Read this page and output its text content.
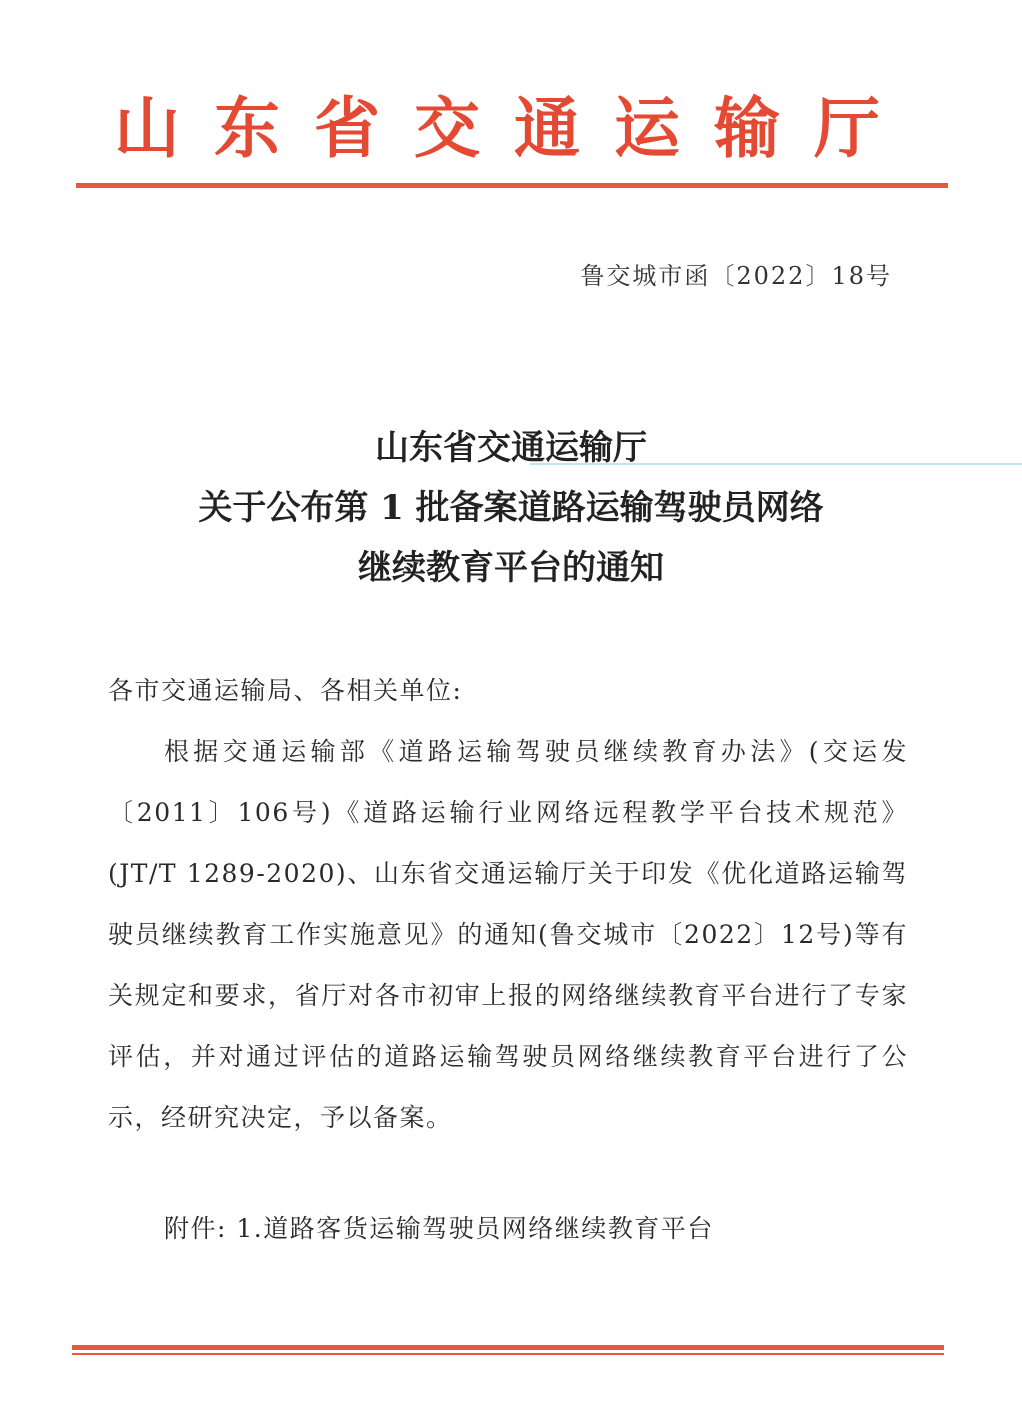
山东省交通运输厅
鲁交城市函〔2022〕18号
山东省交通运输厅
关于公布第 1 批备案道路运输驾驶员网络
继续教育平台的通知
各市交通运输局、各相关单位:
根据交通运输部《道路运输驾驶员继续教育办法》(交运发〔2011〕106号)《道路运输行业网络远程教学平台技术规范》(JT/T 1289-2020)、山东省交通运输厅关于印发《优化道路运输驾驶员继续教育工作实施意见》的通知(鲁交城市〔2022〕12号)等有关规定和要求，省厅对各市初审上报的网络继续教育平台进行了专家评估，并对通过评估的道路运输驾驶员网络继续教育平台进行了公示，经研究决定，予以备案。
附件: 1.道路客货运输驾驶员网络继续教育平台
